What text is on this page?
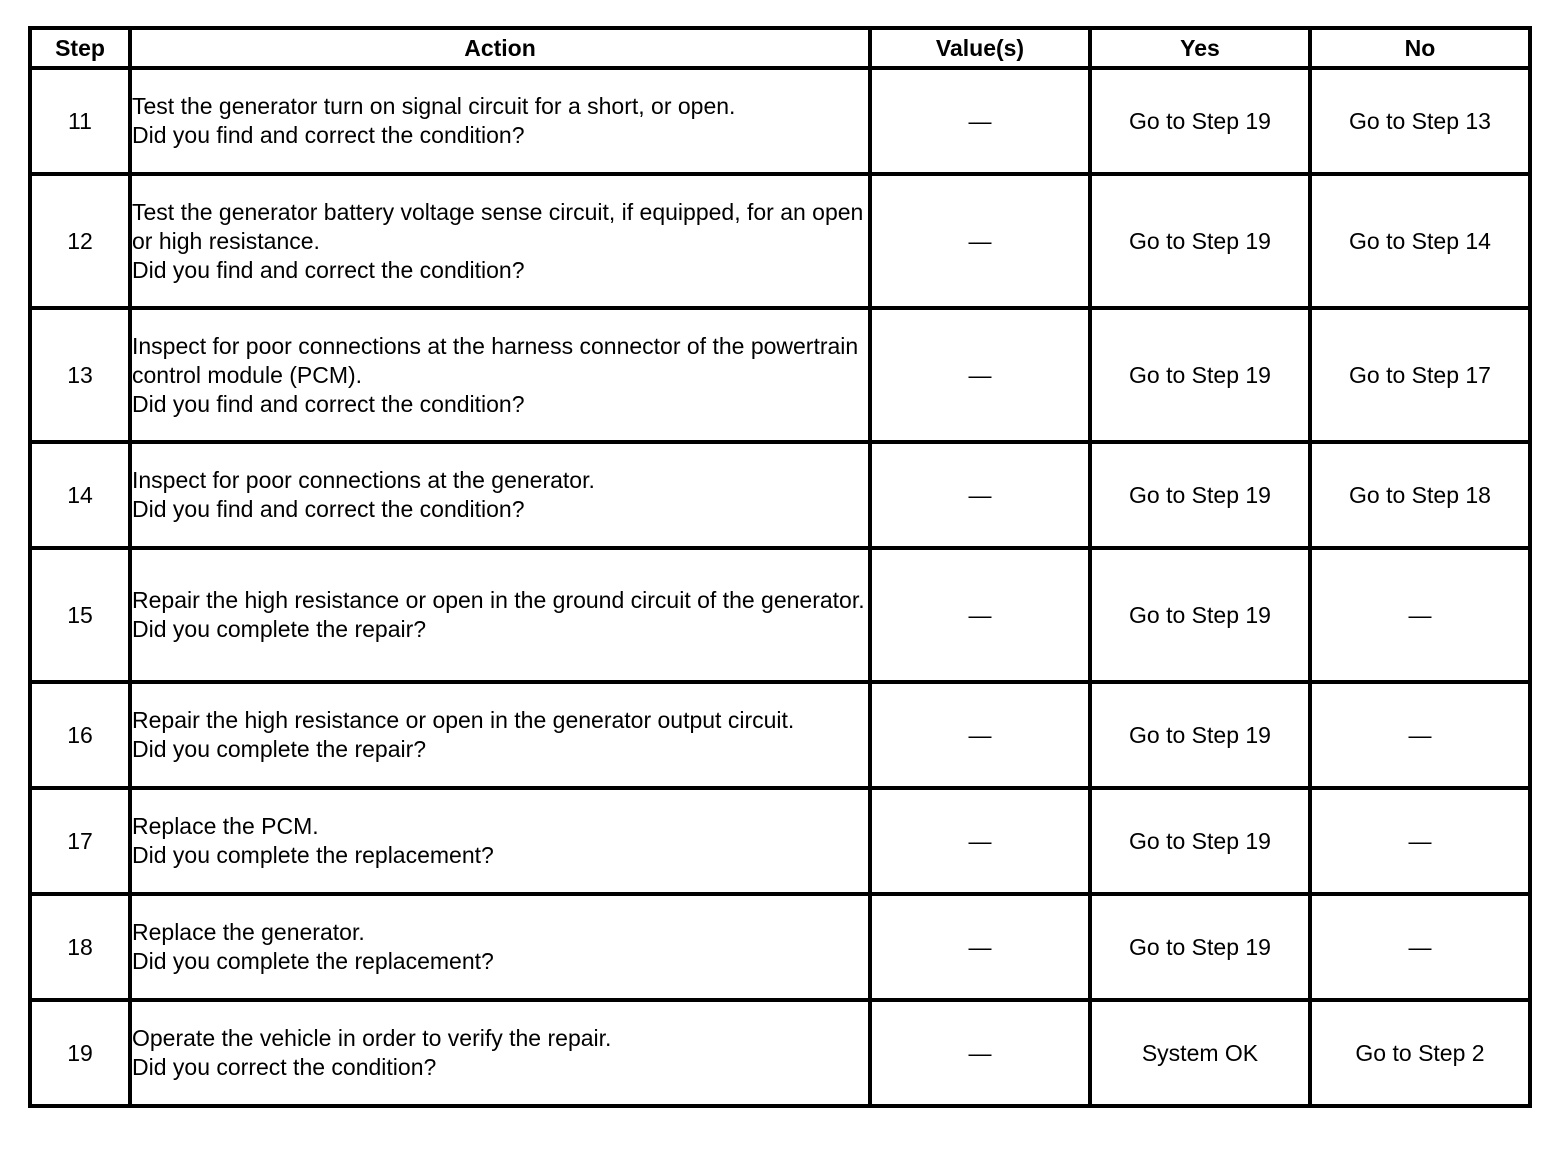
Step	Action	Value(s)	Yes	No
11	Test the generator turn on signal circuit for a short, or open.
Did you find and correct the condition?	—	Go to Step 19	Go to Step 13
12	Test the generator battery voltage sense circuit, if equipped, for an open or high resistance.
Did you find and correct the condition?	—	Go to Step 19	Go to Step 14
13	Inspect for poor connections at the harness connector of the powertrain control module (PCM).
Did you find and correct the condition?	—	Go to Step 19	Go to Step 17
14	Inspect for poor connections at the generator.
Did you find and correct the condition?	—	Go to Step 19	Go to Step 18
15	Repair the high resistance or open in the ground circuit of the generator.
Did you complete the repair?	—	Go to Step 19	—
16	Repair the high resistance or open in the generator output circuit.
Did you complete the repair?	—	Go to Step 19	—
17	Replace the PCM.
Did you complete the replacement?	—	Go to Step 19	—
18	Replace the generator.
Did you complete the replacement?	—	Go to Step 19	—
19	Operate the vehicle in order to verify the repair.
Did you correct the condition?	—	System OK	Go to Step 2
